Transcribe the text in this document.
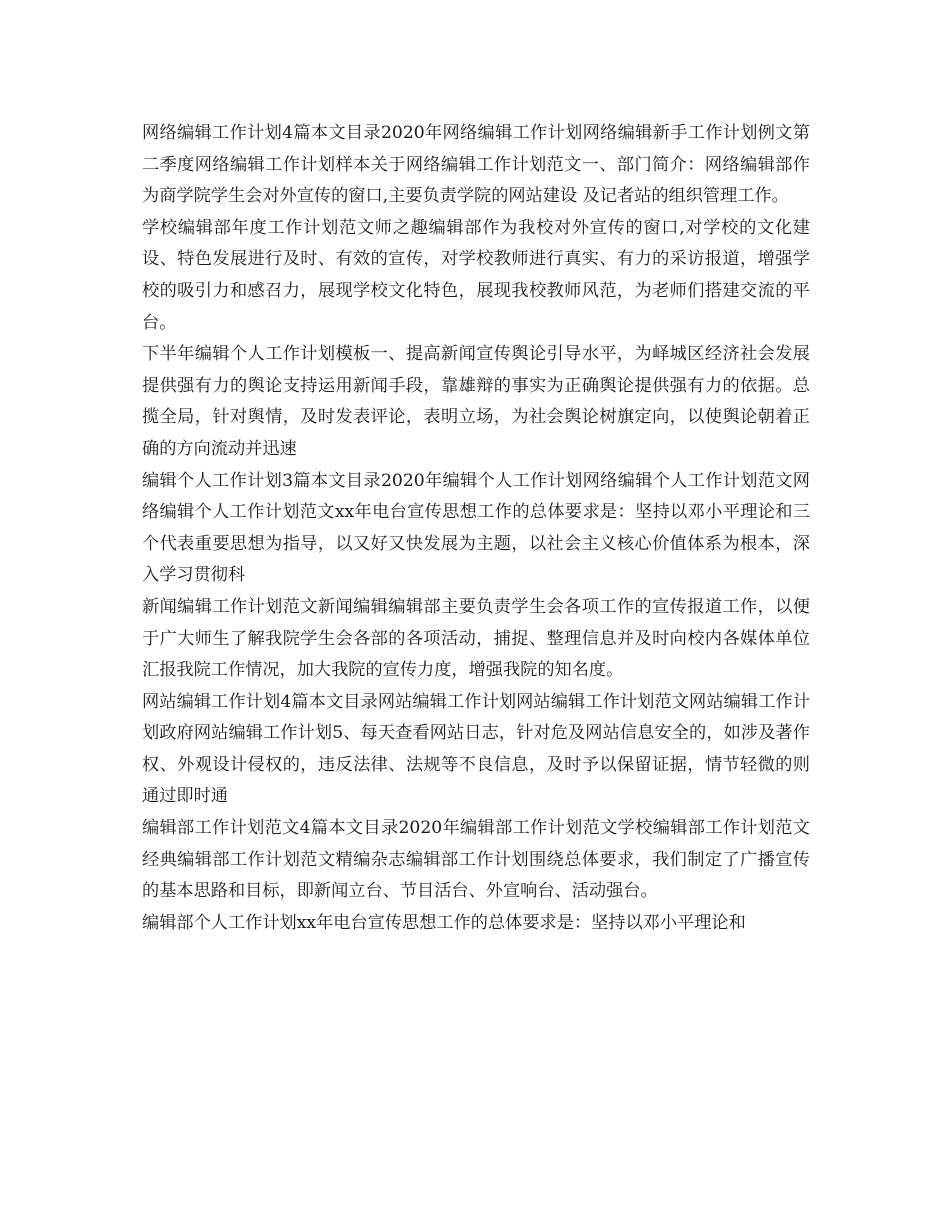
网络编辑工作计划4篇本文目录2020年网络编辑工作计划网络编辑新手工作计划例文第二季度网络编辑工作计划样本关于网络编辑工作计划范文一、部门简介：网络编辑部作为商学院学生会对外宣传的窗口,主要负责学院的网站建设 及记者站的组织管理工作。

学校编辑部年度工作计划范文师之趣编辑部作为我校对外宣传的窗口,对学校的文化建设、特色发展进行及时、有效的宣传，对学校教师进行真实、有力的采访报道，增强学校的吸引力和感召力，展现学校文化特色，展现我校教师风范，为老师们搭建交流的平台。

下半年编辑个人工作计划模板一、提高新闻宣传舆论引导水平，为峄城区经济社会发展提供强有力的舆论支持运用新闻手段，靠雄辩的事实为正确舆论提供强有力的依据。总揽全局，针对舆情，及时发表评论，表明立场，为社会舆论树旗定向，以使舆论朝着正确的方向流动并迅速

编辑个人工作计划3篇本文目录2020年编辑个人工作计划网络编辑个人工作计划范文网络编辑个人工作计划范文xx年电台宣传思想工作的总体要求是：坚持以邓小平理论和三个代表重要思想为指导，以又好又快发展为主题，以社会主义核心价值体系为根本，深入学习贯彻科

新闻编辑工作计划范文新闻编辑编辑部主要负责学生会各项工作的宣传报道工作，以便于广大师生了解我院学生会各部的各项活动，捕捉、整理信息并及时向校内各媒体单位汇报我院工作情况，加大我院的宣传力度，增强我院的知名度。

网站编辑工作计划4篇本文目录网站编辑工作计划网站编辑工作计划范文网站编辑工作计划政府网站编辑工作计划5、每天查看网站日志，针对危及网站信息安全的，如涉及著作权、外观设计侵权的，违反法律、法规等不良信息，及时予以保留证据，情节轻微的则通过即时通

编辑部工作计划范文4篇本文目录2020年编辑部工作计划范文学校编辑部工作计划范文经典编辑部工作计划范文精编杂志编辑部工作计划围绕总体要求，我们制定了广播宣传的基本思路和目标，即新闻立台、节目活台、外宣响台、活动强台。

编辑部个人工作计划xx年电台宣传思想工作的总体要求是：坚持以邓小平理论和
